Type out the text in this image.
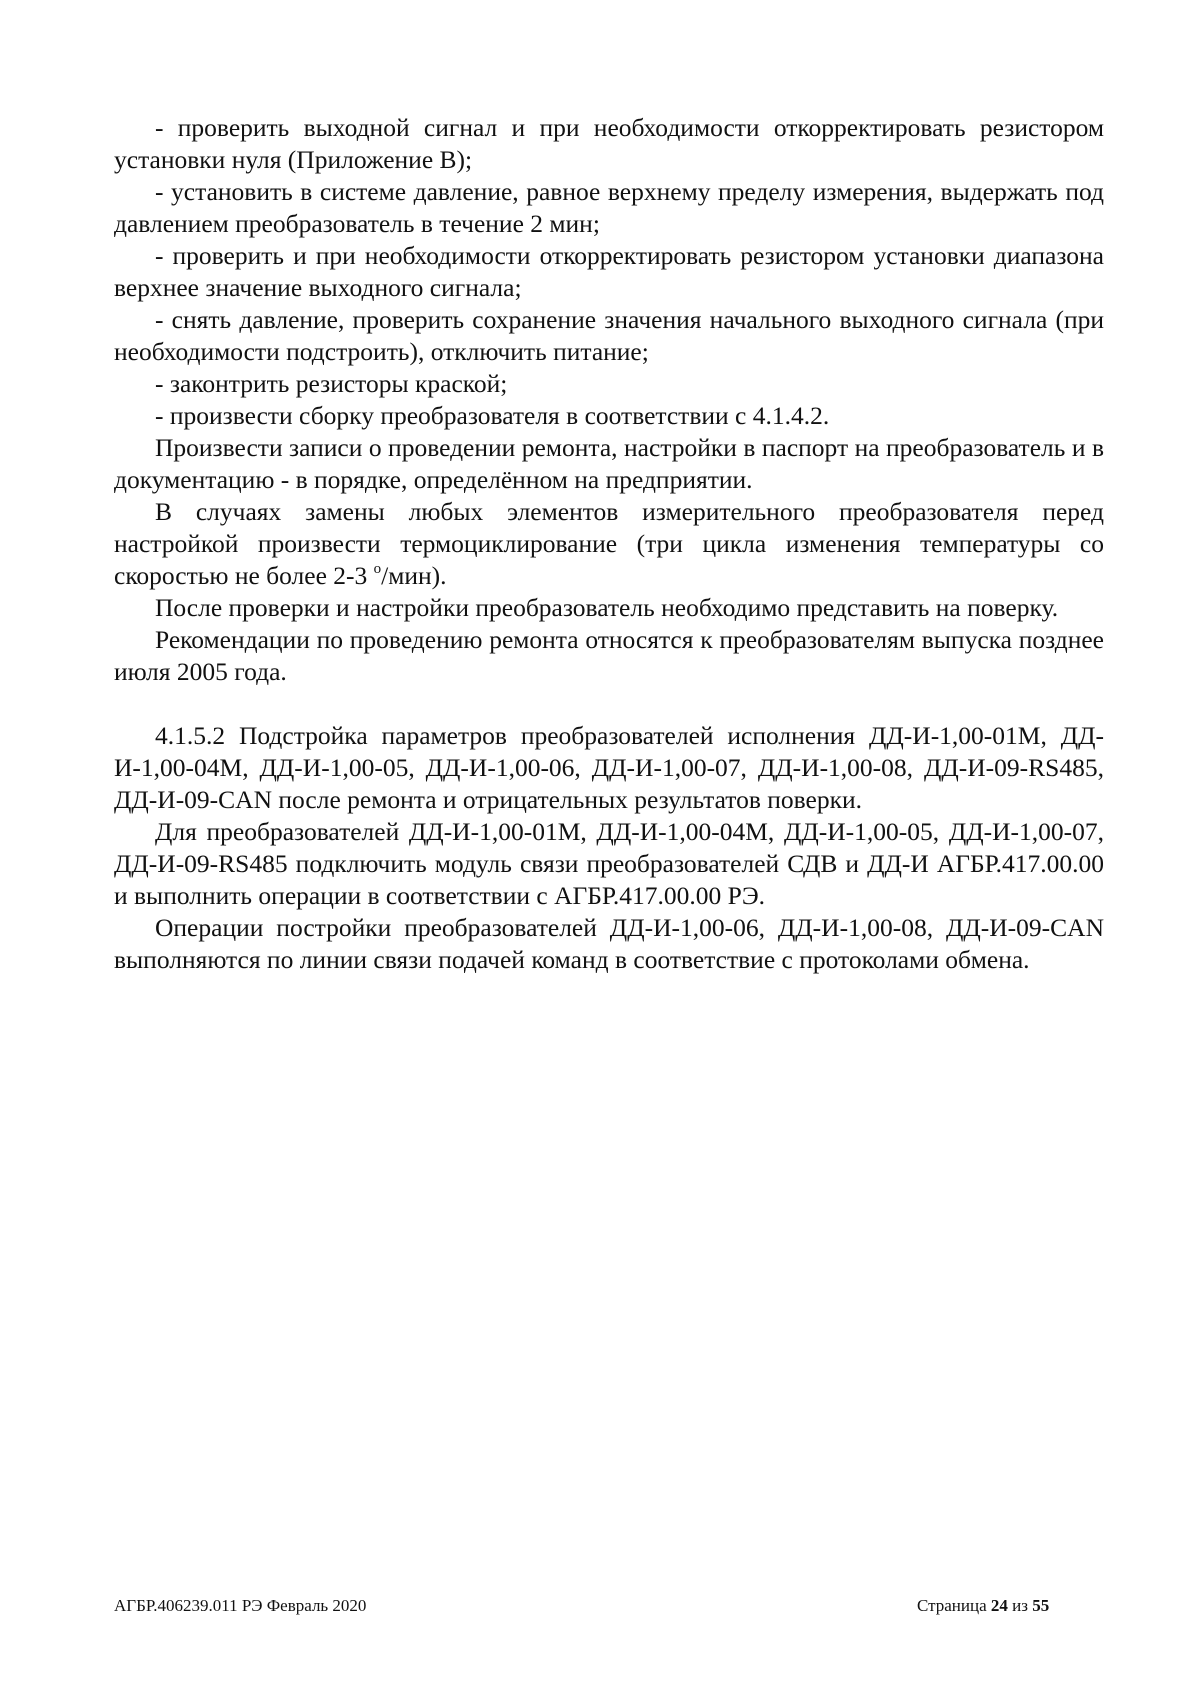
- проверить выходной сигнал и при необходимости откорректировать резистором установки нуля (Приложение В);

- установить в системе давление, равное верхнему пределу измерения, выдержать под давлением преобразователь в течение 2 мин;

- проверить и при необходимости откорректировать резистором установки диапазона верхнее значение выходного сигнала;

- снять давление, проверить сохранение значения начального выходного сигнала (при необходимости подстроить), отключить питание;

- законтрить резисторы краской;

- произвести сборку преобразователя в соответствии с 4.1.4.2.

Произвести записи о проведении ремонта, настройки в паспорт на преобразователь и в документацию - в порядке, определённом на предприятии.

В случаях замены любых элементов измерительного преобразователя перед настройкой произвести термоциклирование (три цикла изменения температуры со скоростью не более 2-3 $^о$/мин).

После проверки и настройки преобразователь необходимо представить на поверку.

Рекомендации по проведению ремонта относятся к преобразователям выпуска позднее июля 2005 года.

4.1.5.2 Подстройка параметров преобразователей исполнения ДД-И-1,00-01М, ДД-И-1,00-04М, ДД-И-1,00-05, ДД-И-1,00-06, ДД-И-1,00-07, ДД-И-1,00-08, ДД-И-09-RS485, ДД-И-09-CAN после ремонта и отрицательных результатов поверки.

Для преобразователей ДД-И-1,00-01М, ДД-И-1,00-04М, ДД-И-1,00-05, ДД-И-1,00-07, ДД-И-09-RS485 подключить модуль связи преобразователей СДВ и ДД-И АГБР.417.00.00 и выполнить операции в соответствии с АГБР.417.00.00 РЭ.

Операции постройки преобразователей ДД-И-1,00-06, ДД-И-1,00-08, ДД-И-09-CAN выполняются по линии связи подачей команд в соответствие с протоколами обмена.

АГБР.406239.011 РЭ Февраль 2020	Страница 24 из 55
